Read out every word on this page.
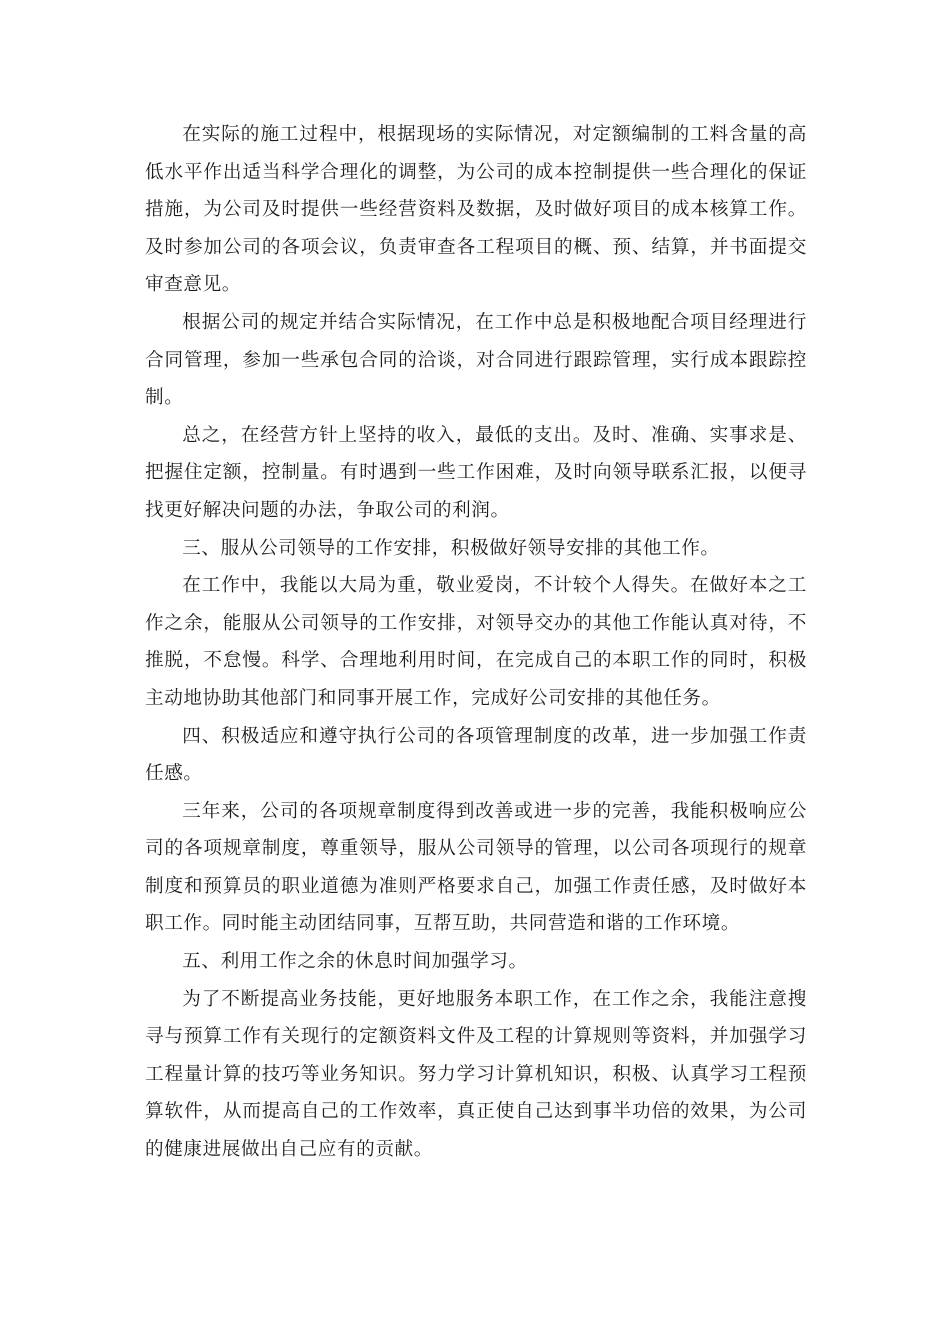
在实际的施工过程中，根据现场的实际情况，对定额编制的工料含量的高低水平作出适当科学合理化的调整，为公司的成本控制提供一些合理化的保证措施，为公司及时提供一些经营资料及数据，及时做好项目的成本核算工作。及时参加公司的各项会议，负责审查各工程项目的概、预、结算，并书面提交审查意见。

根据公司的规定并结合实际情况，在工作中总是积极地配合项目经理进行合同管理，参加一些承包合同的洽谈，对合同进行跟踪管理，实行成本跟踪控制。

总之，在经营方针上坚持的收入，最低的支出。及时、准确、实事求是、把握住定额，控制量。有时遇到一些工作困难，及时向领导联系汇报，以便寻找更好解决问题的办法，争取公司的利润。

三、服从公司领导的工作安排，积极做好领导安排的其他工作。

在工作中，我能以大局为重，敬业爱岗，不计较个人得失。在做好本之工作之余，能服从公司领导的工作安排，对领导交办的其他工作能认真对待，不推脱，不怠慢。科学、合理地利用时间，在完成自己的本职工作的同时，积极主动地协助其他部门和同事开展工作，完成好公司安排的其他任务。

四、积极适应和遵守执行公司的各项管理制度的改革，进一步加强工作责任感。

三年来，公司的各项规章制度得到改善或进一步的完善，我能积极响应公司的各项规章制度，尊重领导，服从公司领导的管理，以公司各项现行的规章制度和预算员的职业道德为准则严格要求自己，加强工作责任感，及时做好本职工作。同时能主动团结同事，互帮互助，共同营造和谐的工作环境。

五、利用工作之余的休息时间加强学习。

为了不断提高业务技能，更好地服务本职工作，在工作之余，我能注意搜寻与预算工作有关现行的定额资料文件及工程的计算规则等资料，并加强学习工程量计算的技巧等业务知识。努力学习计算机知识，积极、认真学习工程预算软件，从而提高自己的工作效率，真正使自己达到事半功倍的效果，为公司的健康进展做出自己应有的贡献。
